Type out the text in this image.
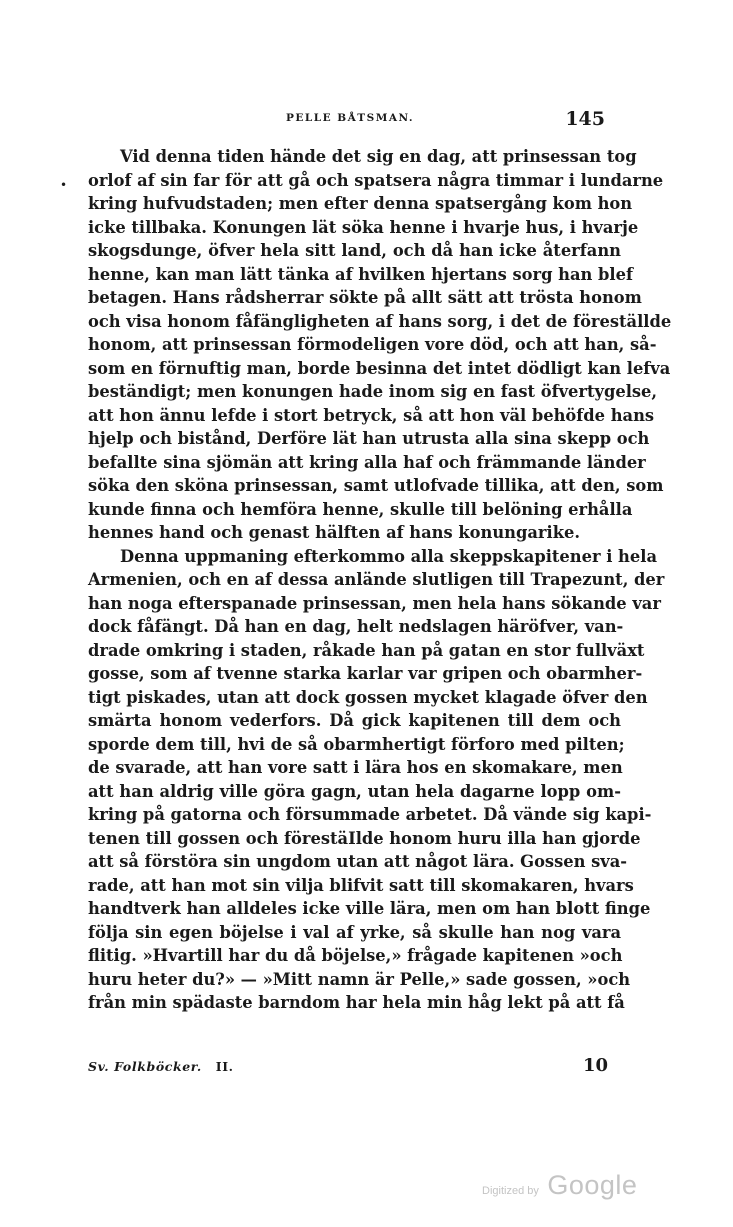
PELLE BÅTSMAN.	145
•
Vid denna tiden hände det sig en dag, att prinsessan tog
orlof af sin far för att gå och spatsera några timmar i lundarne
kring hufvudstaden; men efter denna spatsergång kom hon
icke tillbaka. Konungen lät söka henne i hvarje hus, i hvarje
skogsdunge, öfver hela sitt land, och då han icke återfann
henne, kan man lätt tänka af hvilken hjertans sorg han blef
betagen. Hans rådsherrar sökte på allt sätt att trösta honom
och visa honom fåfängligheten af hans sorg, i det de föreställde
honom, att prinsessan förmodeligen vore död, och att han, så-
som en förnuftig man, borde besinna det intet dödligt kan lefva
beständigt; men konungen hade inom sig en fast öfvertygelse,
att hon ännu lefde i stort betryck, så att hon väl behöfde hans
hjelp och bistånd, Derföre lät han utrusta alla sina skepp och
befallte sina sjömän att kring alla haf och främmande länder
söka den sköna prinsessan, samt utlofvade tillika, att den, som
kunde finna och hemföra henne, skulle till belöning erhålla
hennes hand och genast hälften af hans konungarike.
Denna uppmaning efterkommo alla skeppskapitener i hela
Armenien, och en af dessa anlände slutligen till Trapezunt, der
han noga efterspanade prinsessan, men hela hans sökande var
dock fåfängt. Då han en dag, helt nedslagen häröfver, van-
drade omkring i staden, råkade han på gatan en stor fullväxt
gosse, som af tvenne starka karlar var gripen och obarmher-
tigt piskades, utan att dock gossen mycket klagade öfver den
smärta honom vederfors. Då gick kapitenen till dem och
sporde dem till, hvi de så obarmhertigt förforo med pilten;
de svarade, att han vore satt i lära hos en skomakare, men
att han aldrig ville göra gagn, utan hela dagarne lopp om-
kring på gatorna och försummade arbetet. Då vände sig kapi-
tenen till gossen och förestäIlde honom huru illa han gjorde
att så förstöra sin ungdom utan att något lära. Gossen sva-
rade, att han mot sin vilja blifvit satt till skomakaren, hvars
handtverk han alldeles icke ville lära, men om han blott finge
följa sin egen böjelse i val af yrke, så skulle han nog vara
flitig. »Hvartill har du då böjelse,» frågade kapitenen »och
huru heter du?» — »Mitt namn är Pelle,» sade gossen, »och
från min spädaste barndom har hela min håg lekt på att få
Sv. Folkböcker. II.	10
Digitized by Google
